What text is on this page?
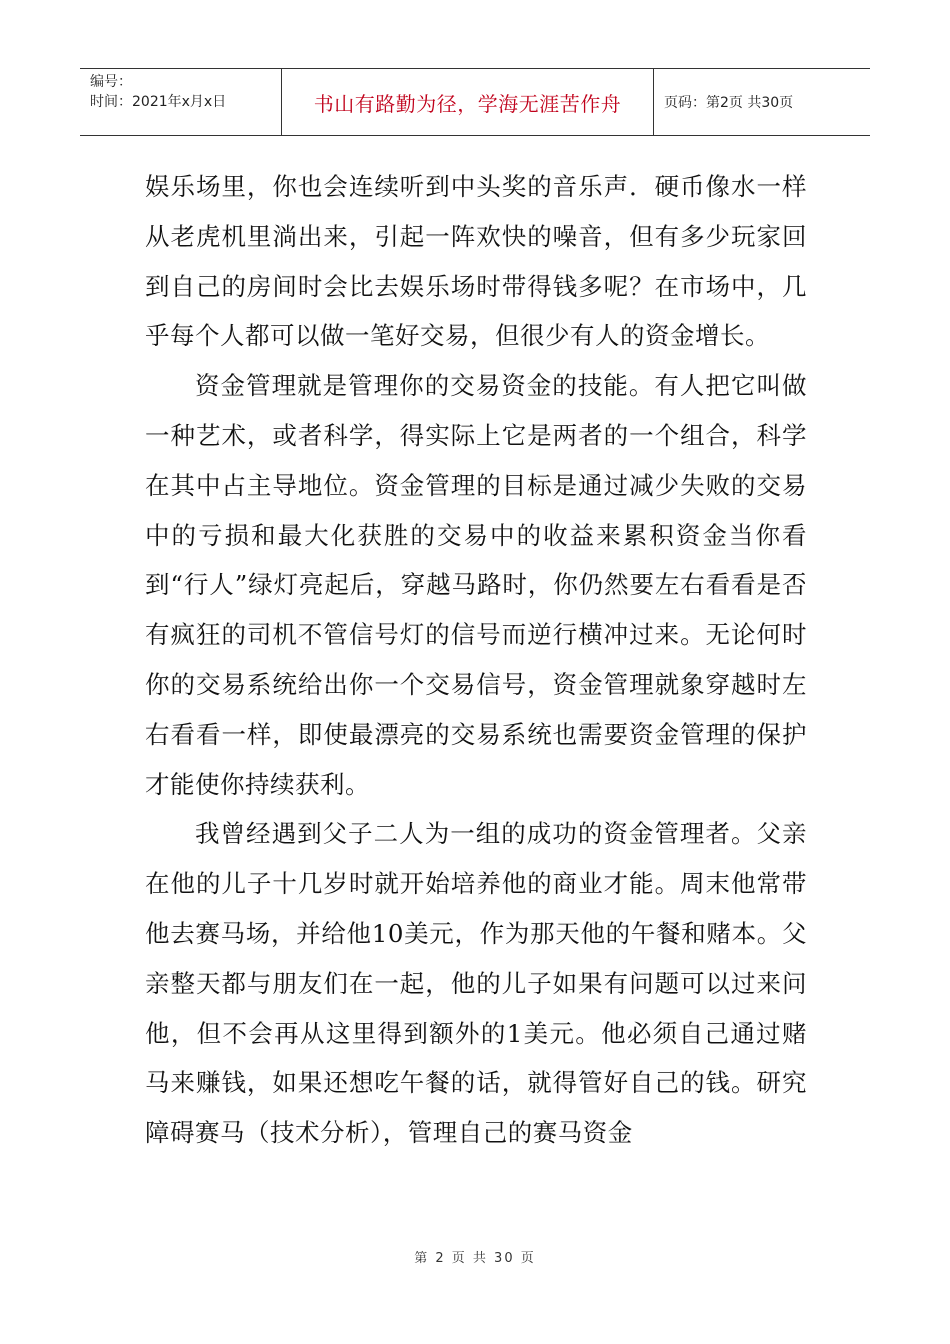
编号：
时间：2021年x月x日	书山有路勤为径，学海无涯苦作舟	页码：第2页 共30页

娱乐场里，你也会连续听到中头奖的音乐声．硬币像水一样从老虎机里淌出来，引起一阵欢快的噪音，但有多少玩家回到自己的房间时会比去娱乐场时带得钱多呢？在市场中，几乎每个人都可以做一笔好交易，但很少有人的资金增长。

资金管理就是管理你的交易资金的技能。有人把它叫做一种艺术，或者科学，得实际上它是两者的一个组合，科学在其中占主导地位。资金管理的目标是通过减少失败的交易中的亏损和最大化获胜的交易中的收益来累积资金当你看到“行人”绿灯亮起后，穿越马路时，你仍然要左右看看是否有疯狂的司机不管信号灯的信号而逆行横冲过来。无论何时你的交易系统给出你一个交易信号，资金管理就象穿越时左右看看一样，即使最漂亮的交易系统也需要资金管理的保护才能使你持续获利。

我曾经遇到父子二人为一组的成功的资金管理者。父亲在他的儿子十几岁时就开始培养他的商业才能。周末他常带他去赛马场，并给他10美元，作为那天他的午餐和赌本。父亲整天都与朋友们在一起，他的儿子如果有问题可以过来问他，但不会再从这里得到额外的1美元。他必须自己通过赌马来赚钱，如果还想吃午餐的话，就得管好自己的钱。研究障碍赛马（技术分析），管理自己的赛马资金

第 2 页 共 30 页
